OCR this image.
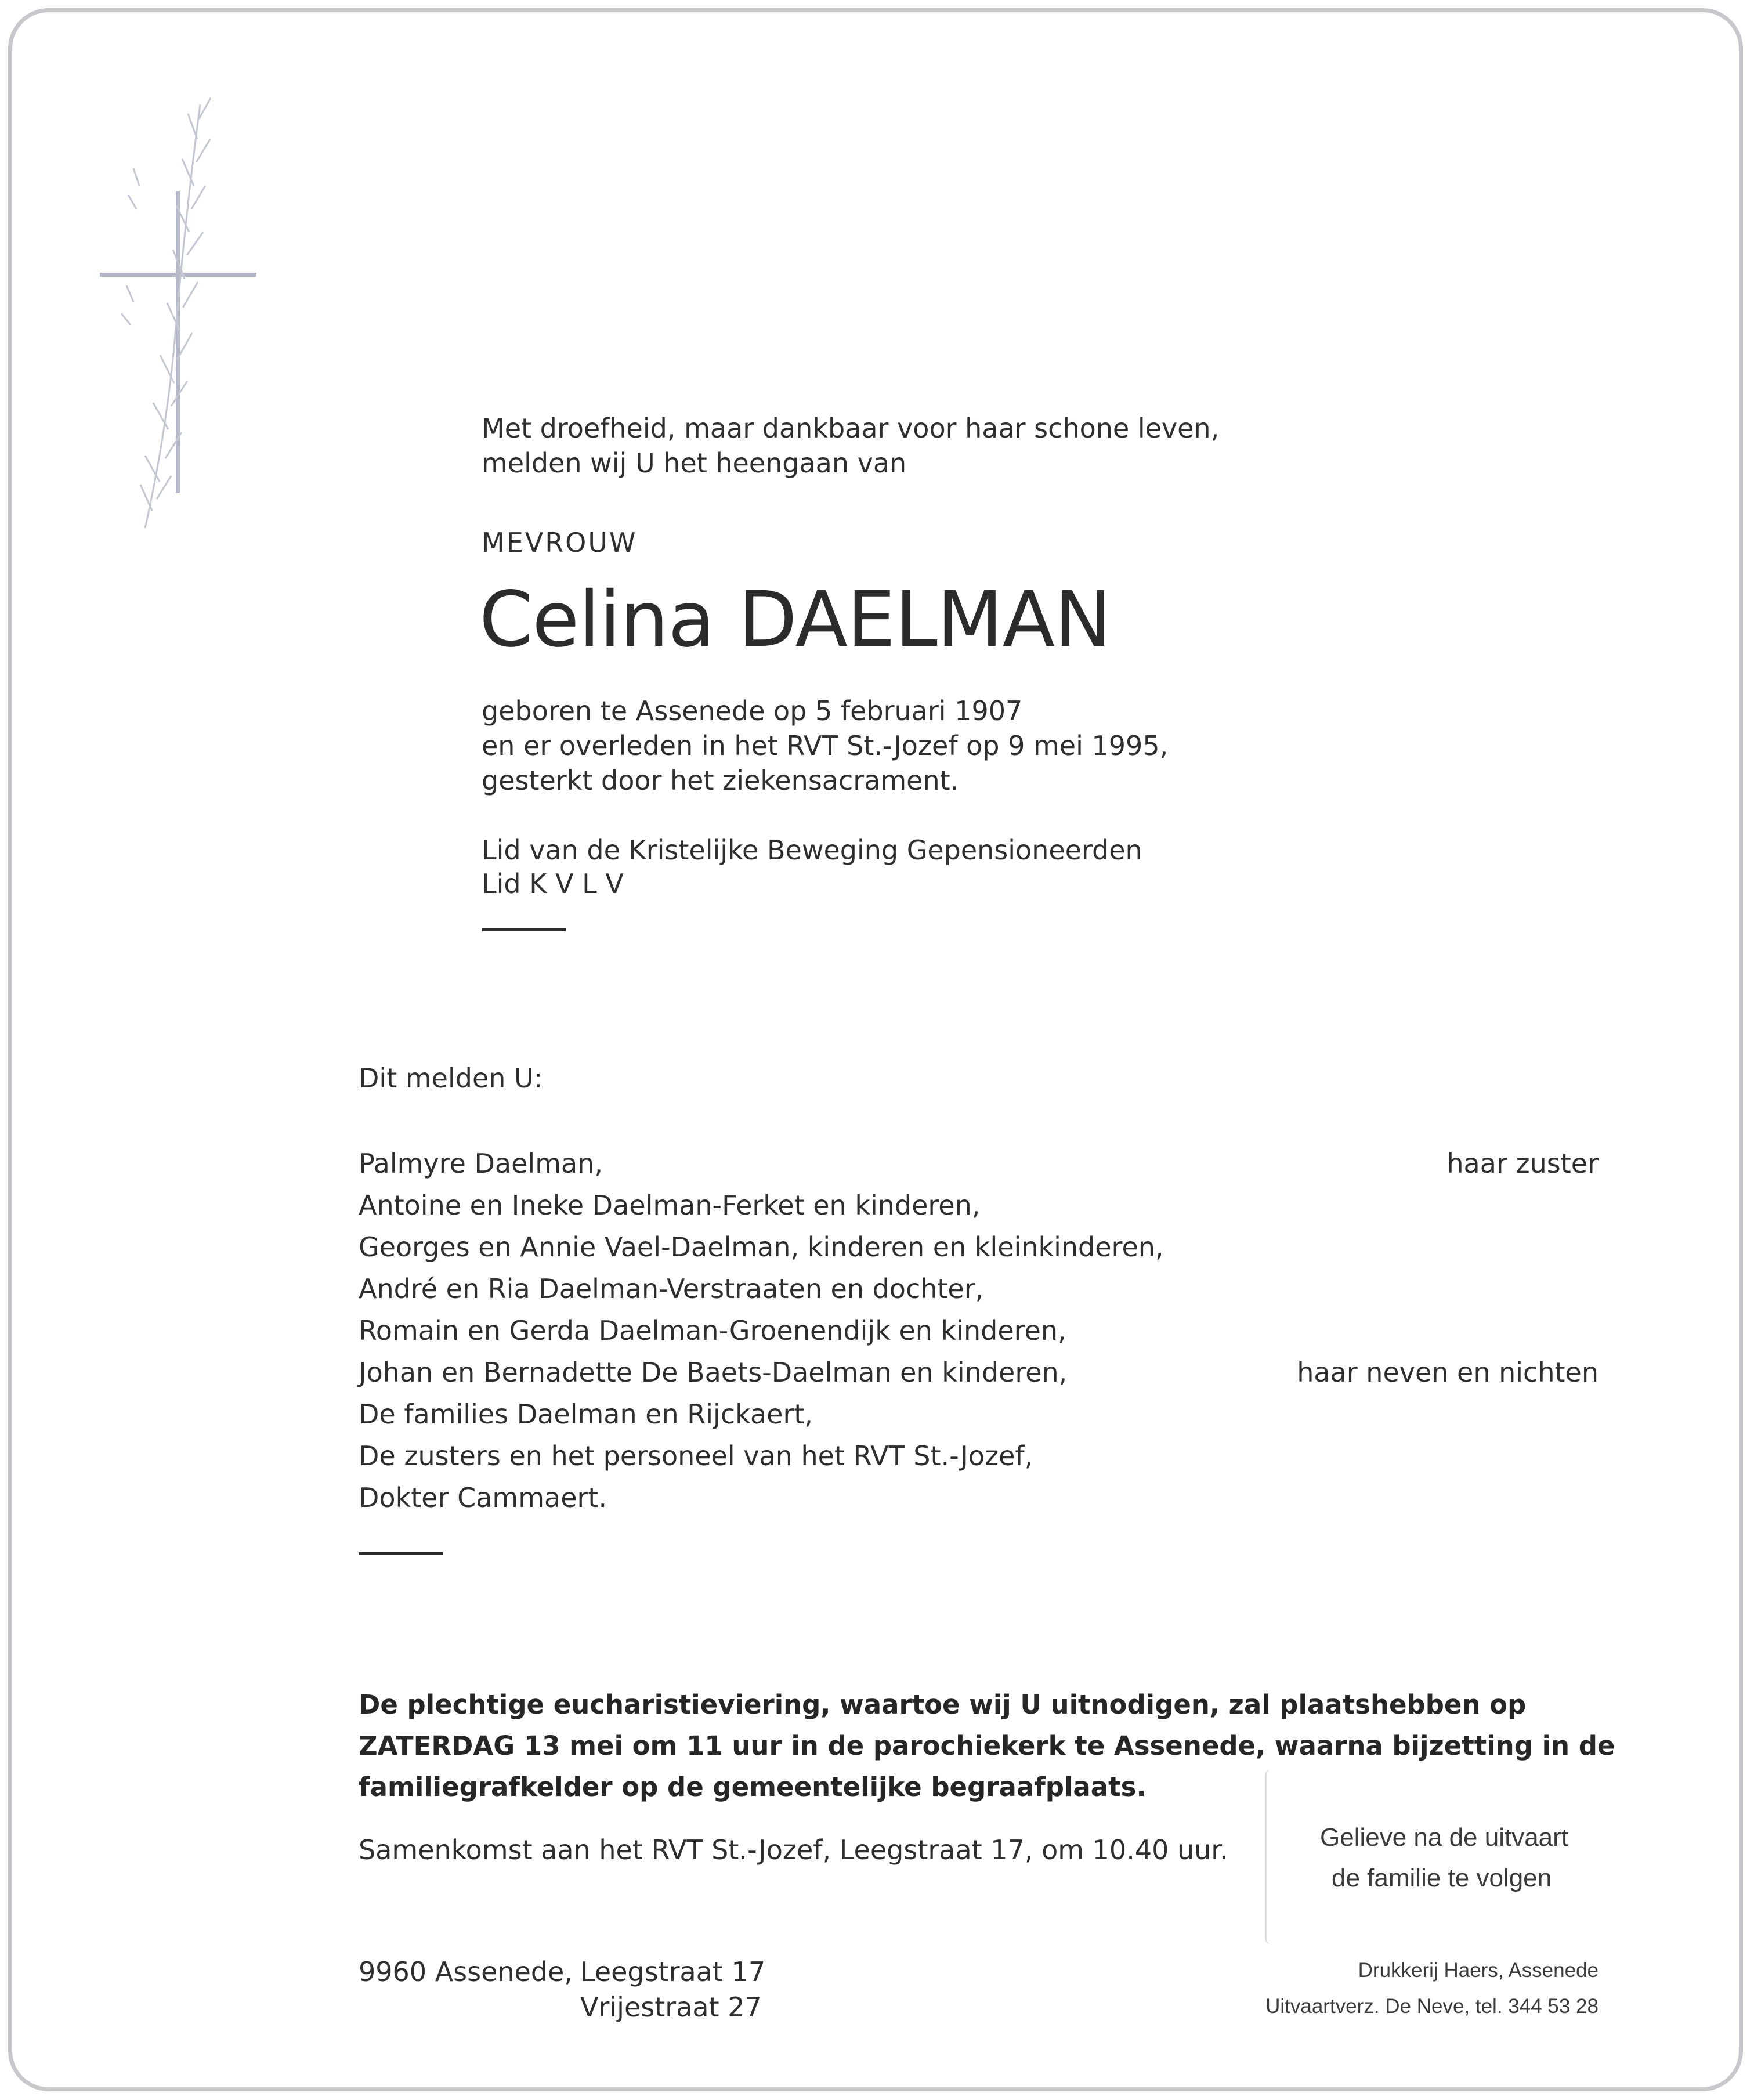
Met droefheid, maar dankbaar voor haar schone leven,
melden wij U het heengaan van
MEVROUW
Celina DAELMAN
geboren te Assenede op 5 februari 1907
en er overleden in het RVT St.-Jozef op 9 mei 1995,
gesterkt door het ziekensacrament.
Lid van de Kristelijke Beweging Gepensioneerden
Lid K V L V
Dit melden U:
Palmyre Daelman,
Antoine en Ineke Daelman-Ferket en kinderen,
Georges en Annie Vael-Daelman, kinderen en kleinkinderen,
André en Ria Daelman-Verstraaten en dochter,
Romain en Gerda Daelman-Groenendijk en kinderen,
Johan en Bernadette De Baets-Daelman en kinderen,
De families Daelman en Rijckaert,
De zusters en het personeel van het RVT St.-Jozef,
Dokter Cammaert.
haar zuster
haar neven en nichten
De plechtige eucharistieviering, waartoe wij U uitnodigen, zal plaatshebben op
ZATERDAG 13 mei om 11 uur in de parochiekerk te Assenede, waarna bijzetting in de
familiegrafkelder op de gemeentelijke begraafplaats.
Samenkomst aan het RVT St.-Jozef, Leegstraat 17, om 10.40 uur.	Gelieve na de uitvaart
de familie te volgen
9960 Assenede, Leegstraat 17
Vrijestraat 27
Drukkerij Haers, Assenede
Uitvaartverz. De Neve, tel. 344 53 28
